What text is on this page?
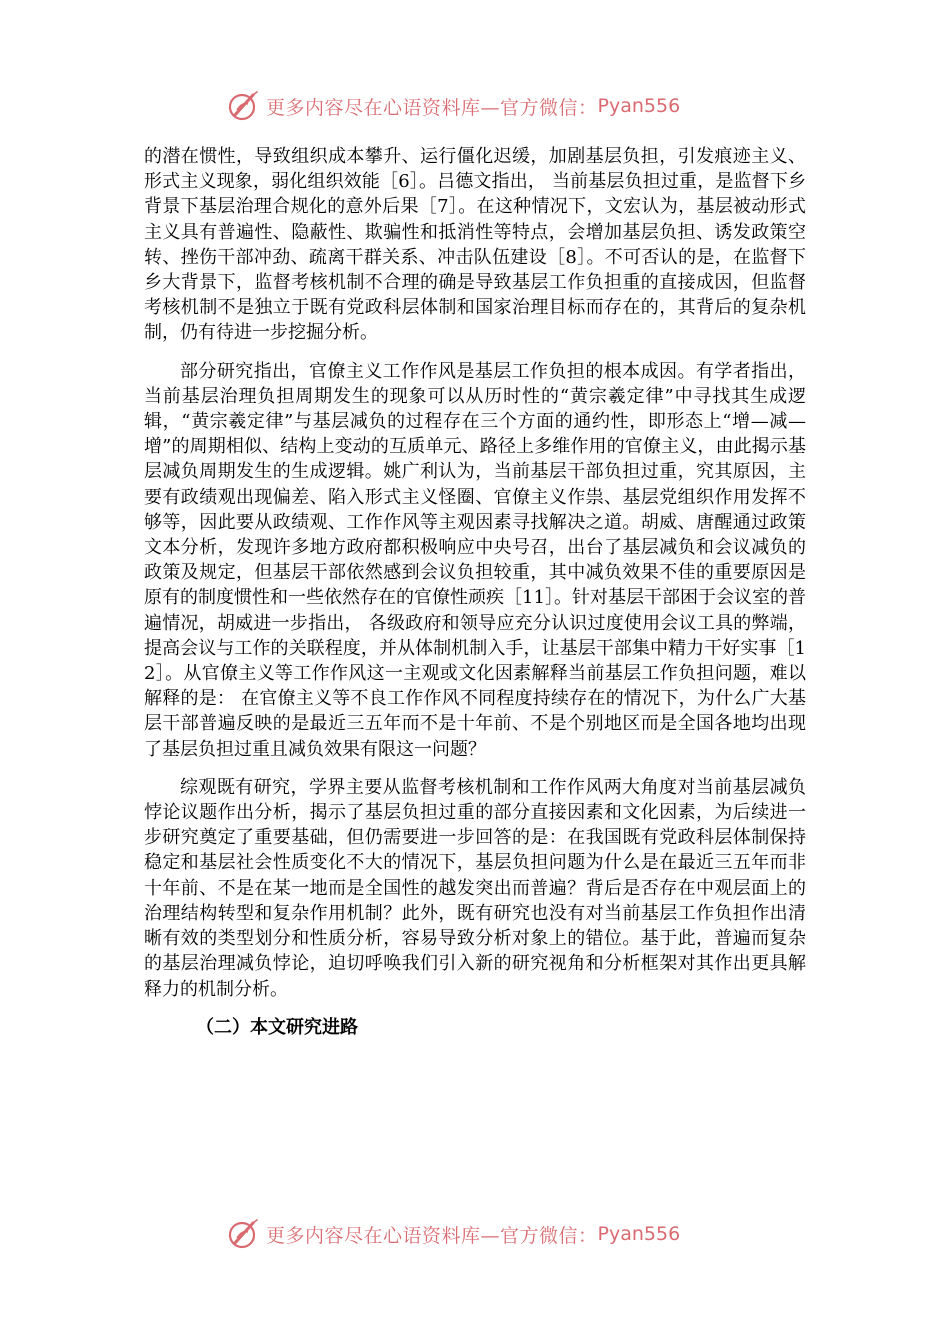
更多内容尽在心语资料库—官方微信： Pyan556

的潜在惯性，导致组织成本攀升、运行僵化迟缓，加剧基层负担，引发痕迹主义、形式主义现象，弱化组织效能［6］。吕德文指出， 当前基层负担过重，是监督下乡背景下基层治理合规化的意外后果［7］。在这种情况下，文宏认为，基层被动形式主义具有普遍性、隐蔽性、欺骗性和抵消性等特点，会增加基层负担、诱发政策空转、挫伤干部冲劲、疏离干群关系、冲击队伍建设［8］。不可否认的是，在监督下乡大背景下，监督考核机制不合理的确是导致基层工作负担重的直接成因，但监督考核机制不是独立于既有党政科层体制和国家治理目标而存在的，其背后的复杂机制，仍有待进一步挖掘分析。

部分研究指出，官僚主义工作作风是基层工作负担的根本成因。有学者指出，当前基层治理负担周期发生的现象可以从历时性的“黄宗羲定律”中寻找其生成逻辑，“黄宗羲定律”与基层减负的过程存在三个方面的通约性，即形态上“增—减—增”的周期相似、结构上变动的互质单元、路径上多维作用的官僚主义，由此揭示基层减负周期发生的生成逻辑。姚广利认为，当前基层干部负担过重，究其原因，主要有政绩观出现偏差、陷入形式主义怪圈、官僚主义作祟、基层党组织作用发挥不够等，因此要从政绩观、工作作风等主观因素寻找解决之道。胡威、唐醒通过政策文本分析，发现许多地方政府都积极响应中央号召，出台了基层减负和会议减负的政策及规定，但基层干部依然感到会议负担较重，其中减负效果不佳的重要原因是原有的制度惯性和一些依然存在的官僚性顽疾［11］。针对基层干部困于会议室的普遍情况，胡威进一步指出， 各级政府和领导应充分认识过度使用会议工具的弊端，提高会议与工作的关联程度，并从体制机制入手，让基层干部集中精力干好实事［12］。从官僚主义等工作作风这一主观或文化因素解释当前基层工作负担问题，难以解释的是： 在官僚主义等不良工作作风不同程度持续存在的情况下，为什么广大基层干部普遍反映的是最近三五年而不是十年前、不是个别地区而是全国各地均出现了基层负担过重且减负效果有限这一问题？

综观既有研究，学界主要从监督考核机制和工作作风两大角度对当前基层减负悖论议题作出分析，揭示了基层负担过重的部分直接因素和文化因素，为后续进一步研究奠定了重要基础，但仍需要进一步回答的是：在我国既有党政科层体制保持稳定和基层社会性质变化不大的情况下，基层负担问题为什么是在最近三五年而非十年前、不是在某一地而是全国性的越发突出而普遍？背后是否存在中观层面上的治理结构转型和复杂作用机制？此外，既有研究也没有对当前基层工作负担作出清晰有效的类型划分和性质分析，容易导致分析对象上的错位。基于此，普遍而复杂的基层治理减负悖论，迫切呼唤我们引入新的研究视角和分析框架对其作出更具解释力的机制分析。

（二）本文研究进路
更多内容尽在心语资料库—官方微信： Pyan556
